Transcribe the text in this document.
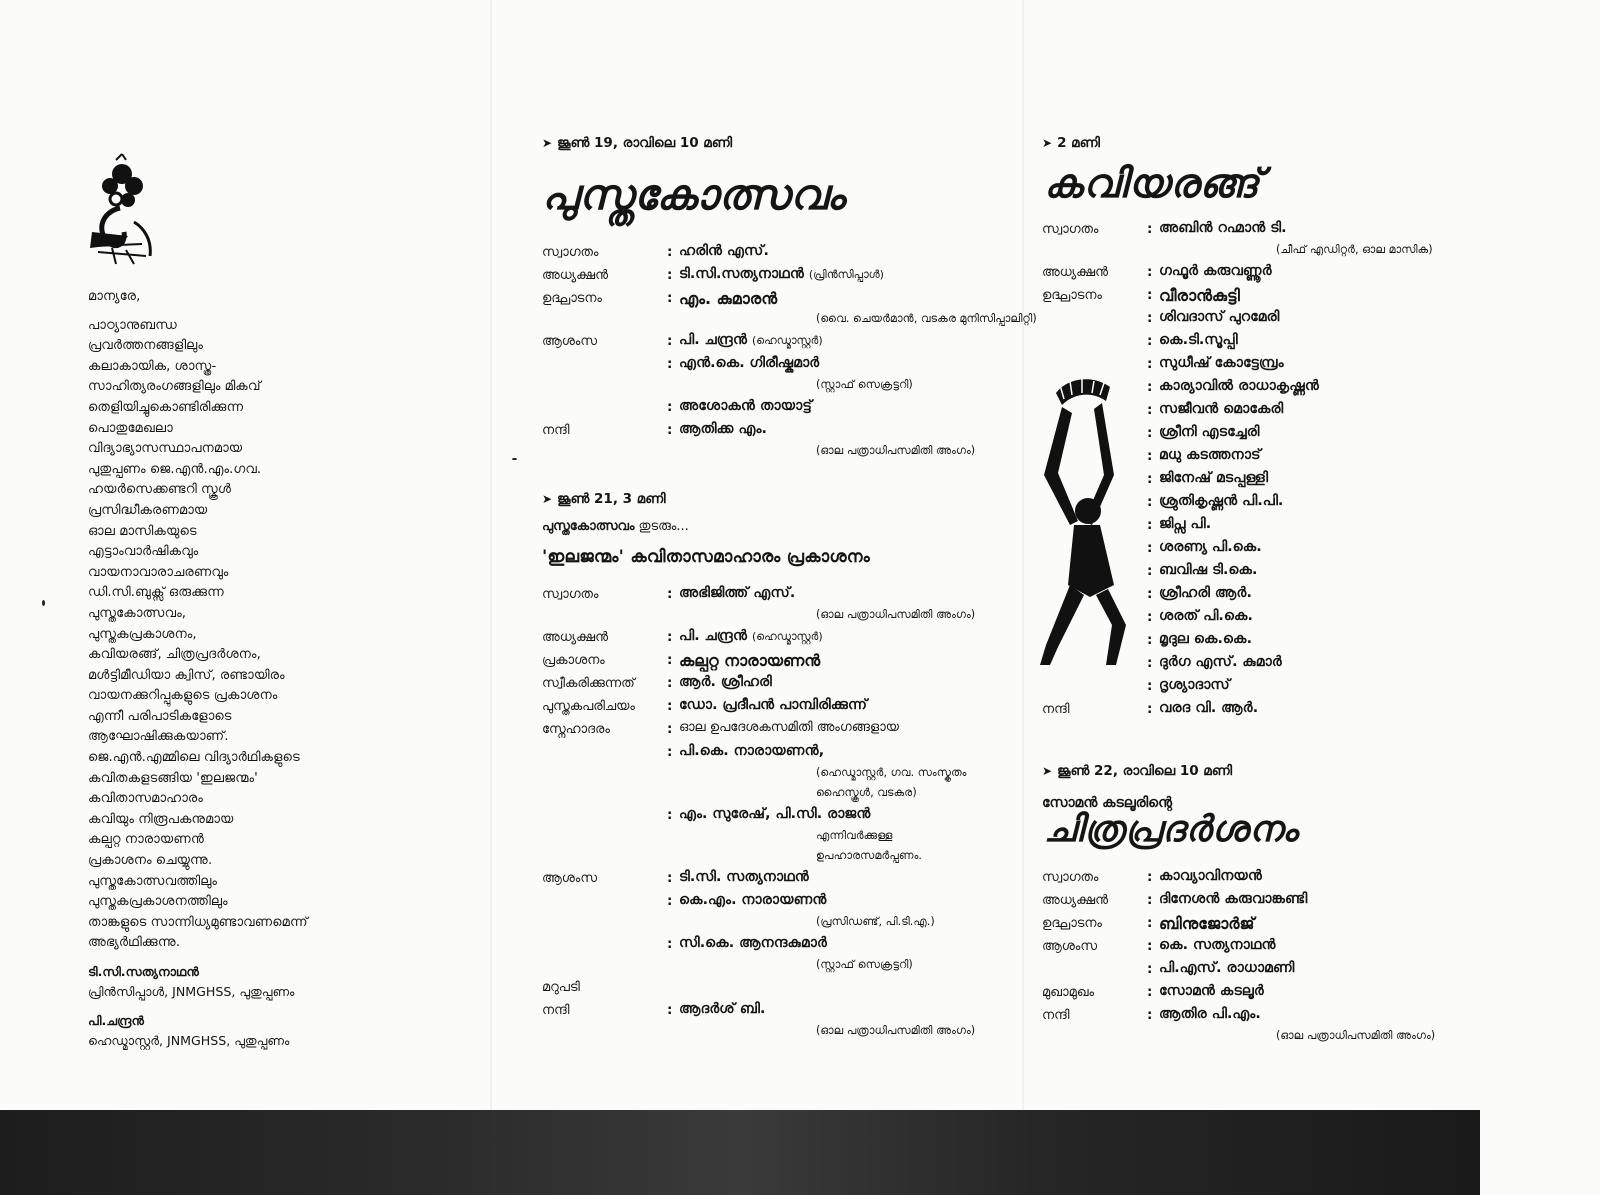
മാന്യരേ,
പാഠ്യാനുബന്ധ
പ്രവർത്തനങ്ങളിലും
കലാകായിക, ശാസ്ത്ര-
സാഹിത്യരംഗങ്ങളിലും മികവ്
തെളിയിച്ചുകൊണ്ടിരിക്കുന്ന
പൊതുമേഖലാ
വിദ്യാഭ്യാസസ്ഥാപനമായ
പുതുപ്പണം ജെ.എൻ.എം.ഗവ.
ഹയർസെക്കണ്ടറി സ്കൂൾ
പ്രസിദ്ധീകരണമായ
ഓല മാസികയുടെ
എട്ടാംവാർഷികവും
വായനാവാരാചരണവും
ഡി.സി.ബുക്സ് ഒരുക്കുന്ന
പുസ്തകോത്സവം,
പുസ്തകപ്രകാശനം,
കവിയരങ്ങ്, ചിത്രപ്രദർശനം,
മൾട്ടിമീഡിയാ ക്വിസ്, രണ്ടായിരം
വായനക്കുറിപ്പുകളുടെ പ്രകാശനം
എന്നീ പരിപാടികളോടെ
ആഘോഷിക്കുകയാണ്.
ജെ.എൻ.എമ്മിലെ വിദ്യാർഥികളുടെ
കവിതകളടങ്ങിയ 'ഇലജന്മം'
കവിതാസമാഹാരം
കവിയും നിരൂപകനുമായ
കല്പറ്റ നാരായണൻ
പ്രകാശനം ചെയ്യുന്നു.
പുസ്തകോത്സവത്തിലും
പുസ്തകപ്രകാശനത്തിലും
താങ്കളുടെ സാന്നിധ്യമുണ്ടാവണമെന്ന്
അഭ്യർഥിക്കുന്നു.
ടി.സി.സത്യനാഥൻ
പ്രിൻസിപ്പാൾ, JNMGHSS, പുതുപ്പണം
പി.ചന്ദ്രൻ
ഹെഡ്മാസ്റ്റർ, JNMGHSS, പുതുപ്പണം
➤ ജൂൺ 19, രാവിലെ 10 മണി
പുസ്തകോത്സവം
സ്വാഗതം	: ഹരിൻ എസ്.
അധ്യക്ഷൻ	: ടി.സി.സത്യനാഥൻ (പ്രിൻസിപ്പാൾ)
ഉദ്ഘാടനം	: എം. കുമാരൻ
(വൈ. ചെയർമാൻ, വടകര മുനിസിപ്പാലിറ്റി)
ആശംസ	: പി. ചന്ദ്രൻ (ഹെഡ്മാസ്റ്റർ)
: എൻ.കെ. ഗിരീഷ്കുമാർ
(സ്റ്റാഫ് സെക്രട്ടറി)
: അശോകൻ തായാട്ട്
നന്ദി	: ആതിക്ക എം.
(ഓല പത്രാധിപസമിതി അംഗം)
➤ ജൂൺ 21, 3 മണി
പുസ്തകോത്സവം തുടരും...
'ഇലജന്മം' കവിതാസമാഹാരം പ്രകാശനം
സ്വാഗതം	: അഭിജിത്ത് എസ്.
(ഓല പത്രാധിപസമിതി അംഗം)
അധ്യക്ഷൻ	: പി. ചന്ദ്രൻ (ഹെഡ്മാസ്റ്റർ)
പ്രകാശനം	: കല്പറ്റ നാരായണൻ
സ്വീകരിക്കുന്നത് : ആർ. ശ്രീഹരി
പുസ്തകപരിചയം : ഡോ. പ്രദീപൻ പാമ്പിരിക്കുന്ന്
സ്നേഹാദരം	: ഓല ഉപദേശകസമിതി അംഗങ്ങളായ
: പി.കെ. നാരായണൻ,
(ഹെഡ്മാസ്റ്റർ, ഗവ. സംസ്കൃതം
ഹൈസ്കൂൾ, വടകര)
: എം. സുരേഷ്, പി.സി. രാജൻ
എന്നിവർക്കുള്ള
ഉപഹാരസമർപ്പണം.
ആശംസ	: ടി.സി. സത്യനാഥൻ
: കെ.എം. നാരായണൻ
(പ്രസിഡണ്ട്, പി.ടി.എ.)
: സി.കെ. ആനന്ദകുമാർ
(സ്റ്റാഫ് സെക്രട്ടറി)
മറുപടി
നന്ദി	: ആദർശ് ബി.
(ഓല പത്രാധിപസമിതി അംഗം)
➤ 2 മണി
കവിയരങ്ങ്
സ്വാഗതം	: അബിൻ റഹ്മാൻ ടി.
(ചീഫ് എഡിറ്റർ, ഓല മാസിക)
അധ്യക്ഷൻ	: ഗഫൂർ കരുവണ്ണൂർ
ഉദ്ഘാടനം	: വീരാൻകുട്ടി
: ശിവദാസ് പുറമേരി
: കെ.ടി.സൂപ്പി
: സുധീഷ് കോട്ടേമ്പ്രം
: കാര്യാവിൽ രാധാകൃഷ്ണൻ
: സജീവൻ മൊകേരി
: ശ്രീനി എടച്ചേരി
: മധു കടത്തനാട്
: ജിനേഷ് മടപ്പള്ളി
: ശ്രുതികൃഷ്ണൻ പി.പി.
: ജിപ്സ പി.
: ശരണ്യ പി.കെ.
: ബവിഷ ടി.കെ.
: ശ്രീഹരി ആർ.
: ശരത് പി.കെ.
: മൃദുല കെ.കെ.
: ദുർഗ എസ്. കുമാർ
: ദൃശ്യാദാസ്
നന്ദി	: വരദ വി. ആർ.
➤ ജൂൺ 22, രാവിലെ 10 മണി
സോമൻ കടലൂരിന്റെ
ചിത്രപ്രദർശനം
സ്വാഗതം	: കാവ്യാവിനയൻ
അധ്യക്ഷൻ	: ദിനേശൻ കരുവാങ്കണ്ടി
ഉദ്ഘാടനം	: ബിനുജോർജ്
ആശംസ	: കെ. സത്യനാഥൻ
: പി.എസ്. രാധാമണി
മുഖാമുഖം	: സോമൻ കടലൂർ
നന്ദി	: ആതിര പി.എം.
(ഓല പത്രാധിപസമിതി അംഗം)
